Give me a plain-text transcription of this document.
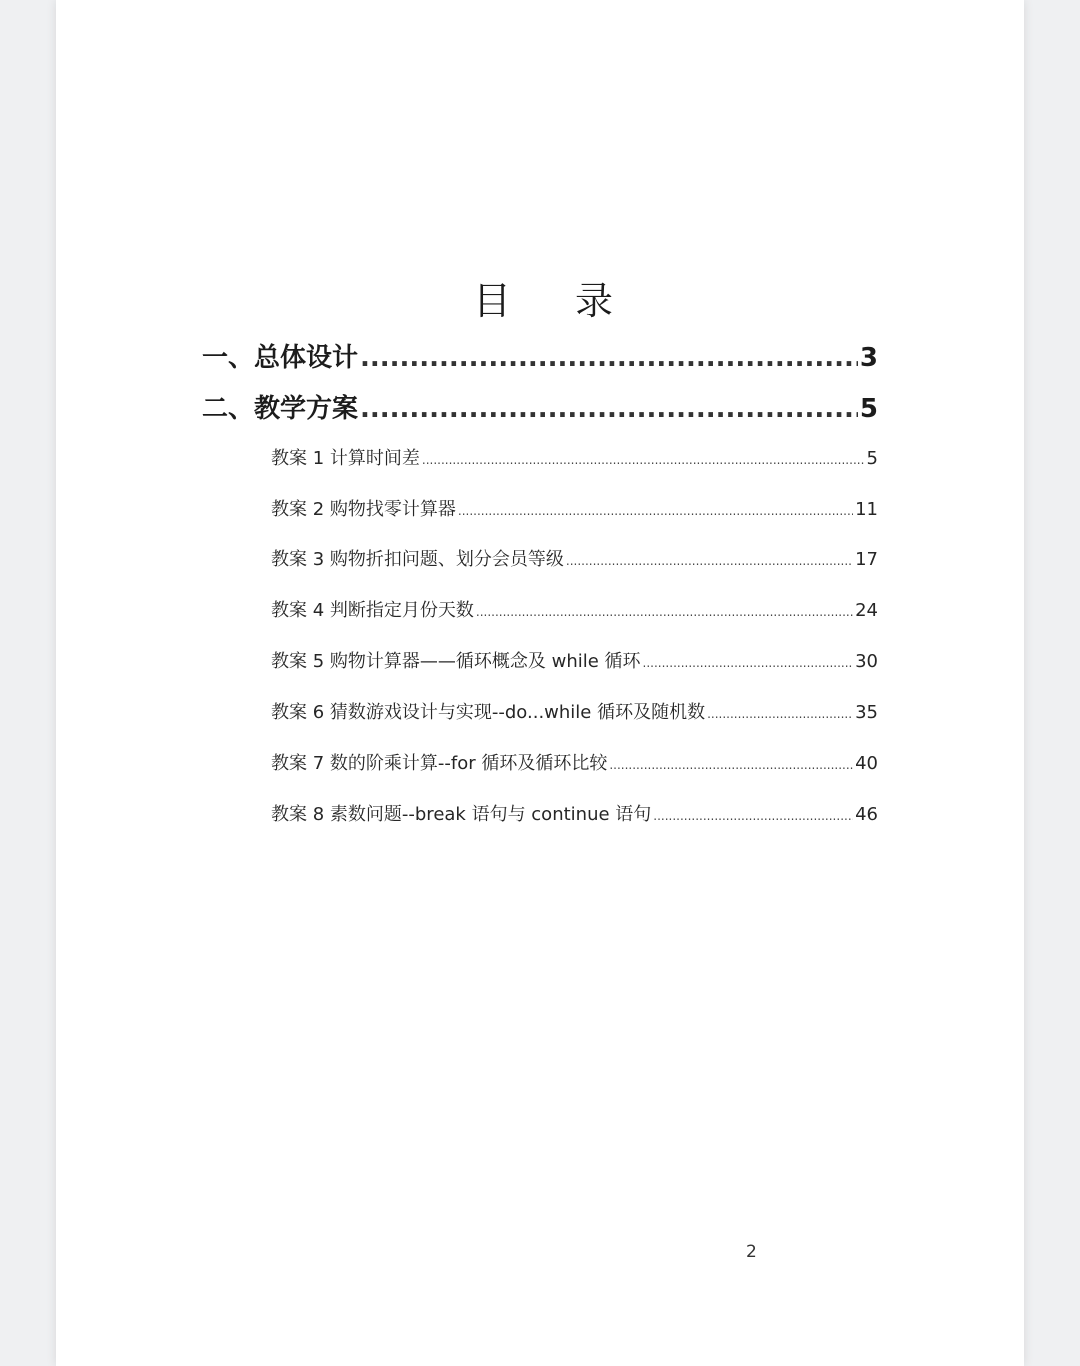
目 录
一、总体设计 .....	3
二、教学方案 .....	5
教案 1 计算时间差 .....	5
教案 2 购物找零计算器 .....	11
教案 3 购物折扣问题、划分会员等级 .....	17
教案 4 判断指定月份天数 .....	24
教案 5 购物计算器——循环概念及 while 循环 .....	30
教案 6 猜数游戏设计与实现--do...while 循环及随机数 .....	35
教案 7 数的阶乘计算--for 循环及循环比较 .....	40
教案 8 素数问题--break 语句与 continue 语句 .....	46
2
